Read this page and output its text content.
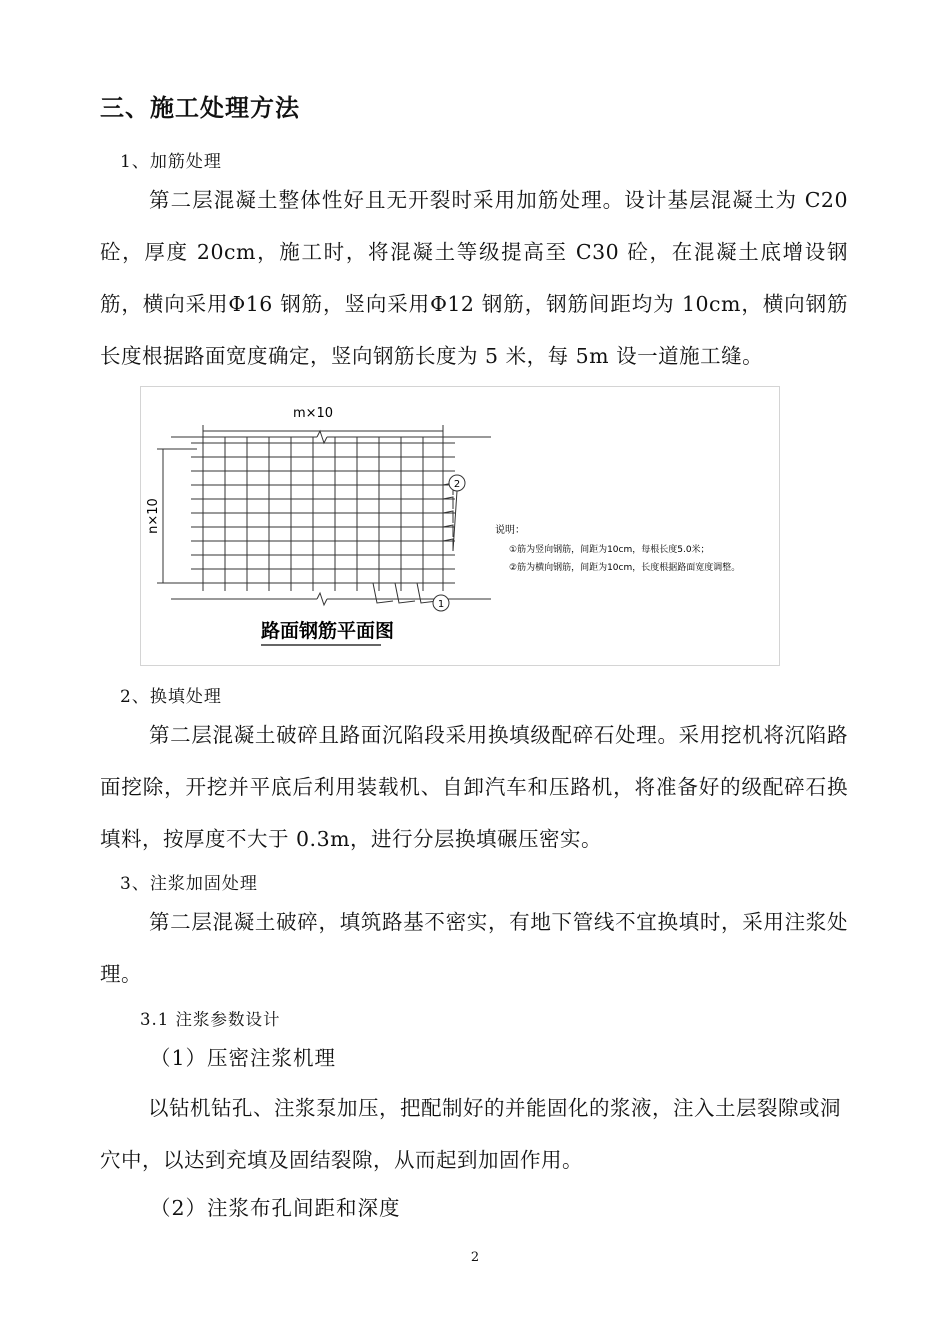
三、施工处理方法
1、加筋处理
第二层混凝土整体性好且无开裂时采用加筋处理。设计基层混凝土为 C20 砼，厚度 20cm，施工时，将混凝土等级提高至 C30 砼，在混凝土底增设钢筋，横向采用Φ16 钢筋，竖向采用Φ12 钢筋，钢筋间距均为 10cm，横向钢筋长度根据路面宽度确定，竖向钢筋长度为 5 米，每 5m 设一道施工缝。
m×10
n×10
2
1
说明：
①筋为竖向钢筋，间距为10cm，每根长度5.0米；
②筋为横向钢筋，间距为10cm，长度根据路面宽度调整。
路面钢筋平面图
2、换填处理
第二层混凝土破碎且路面沉陷段采用换填级配碎石处理。采用挖机将沉陷路面挖除，开挖并平底后利用装载机、自卸汽车和压路机，将准备好的级配碎石换填料，按厚度不大于 0.3m，进行分层换填碾压密实。
3、注浆加固处理
第二层混凝土破碎，填筑路基不密实，有地下管线不宜换填时，采用注浆处理。
3.1 注浆参数设计
（1）压密注浆机理
以钻机钻孔、注浆泵加压，把配制好的并能固化的浆液，注入土层裂隙或洞穴中，以达到充填及固结裂隙，从而起到加固作用。
（2）注浆布孔间距和深度
2
